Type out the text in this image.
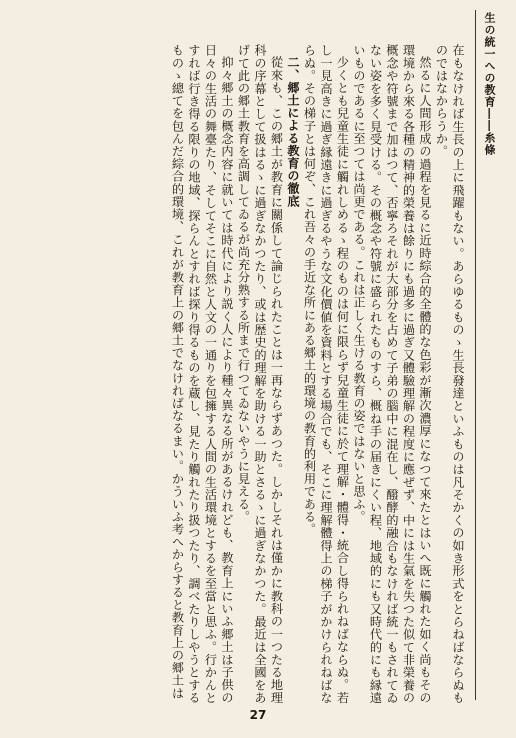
生の統一への教育――糸條

在もなければ生長の上に飛躍もない。あらゆるものゝ生長發達といふものは凡そかくの如き形式をとらねばならぬものではなからうか。

然るに人間形成の過程を見るに近時綜合的全體的な色彩が漸次濃厚になつて來たとはいへ既に觸れた如く尚もその環境から來る各種の精神的榮養は餘りにも過多に過ぎ又體驗理解の程度に應ぜず、中には生氣を失つた似て非榮養の概念や符號まで加はつて、否寧ろそれが大部分を占めて子弟の腦中に混在し、醱酵的融合もなければ統一もされてゐない姿を多く見受ける。その概念や符號に盛られたものすら、概ね手の届きにくい程、地域的にも又時代的にも縁遠いものであるに至つては尚更である。これは正しく生ける教育の姿ではないと思ふ。

少くとも兒童生徒に觸れしめるゝ程のものは何に限らず兒童生徒に於て理解・體得・統合し得られねばならぬ。若し一見高きに過ぎ縁遠きに過ぎるやうな文化價値を資料とする場合でも、そこに理解體得上の梯子がかけられねばならぬ。その梯子とは何ぞ、これ吾々の手近な所にある郷土的環境の教育的利用である。

二、郷土による教育の徹底

從來も、この郷土が教育に關係して論じられたことは一再ならずあつた。しかしそれは僅かに教科の一つたる地理科の序幕として扱はるゝに過ぎなかつたり、或は歴史的理解を助ける一助とさるゝに過ぎなかつた。最近は全國をあげて此の郷土教育を高調してゐるが尚充分熟する所まで行つてゐないやうに見える。

抑々郷土の概念内容に就いては時代により説く人により種々異なる所があるけれども、教育上にいふ郷土は子供の日々の生活の舞臺たり、そしてそこに自然と人文の一通りを包擁する人間の生活環境とするを至當と思ふ。行かんとすれば行き得る限りの地域、探らんとすれば探り得るものを蔵し、見たり觸れたり扱つたり、調べたりしやうとするものゝ總てを包んだ綜合的環境、これが教育上の郷土でなければなるまい。かういふ考へからすると教育上の郷土は

27
